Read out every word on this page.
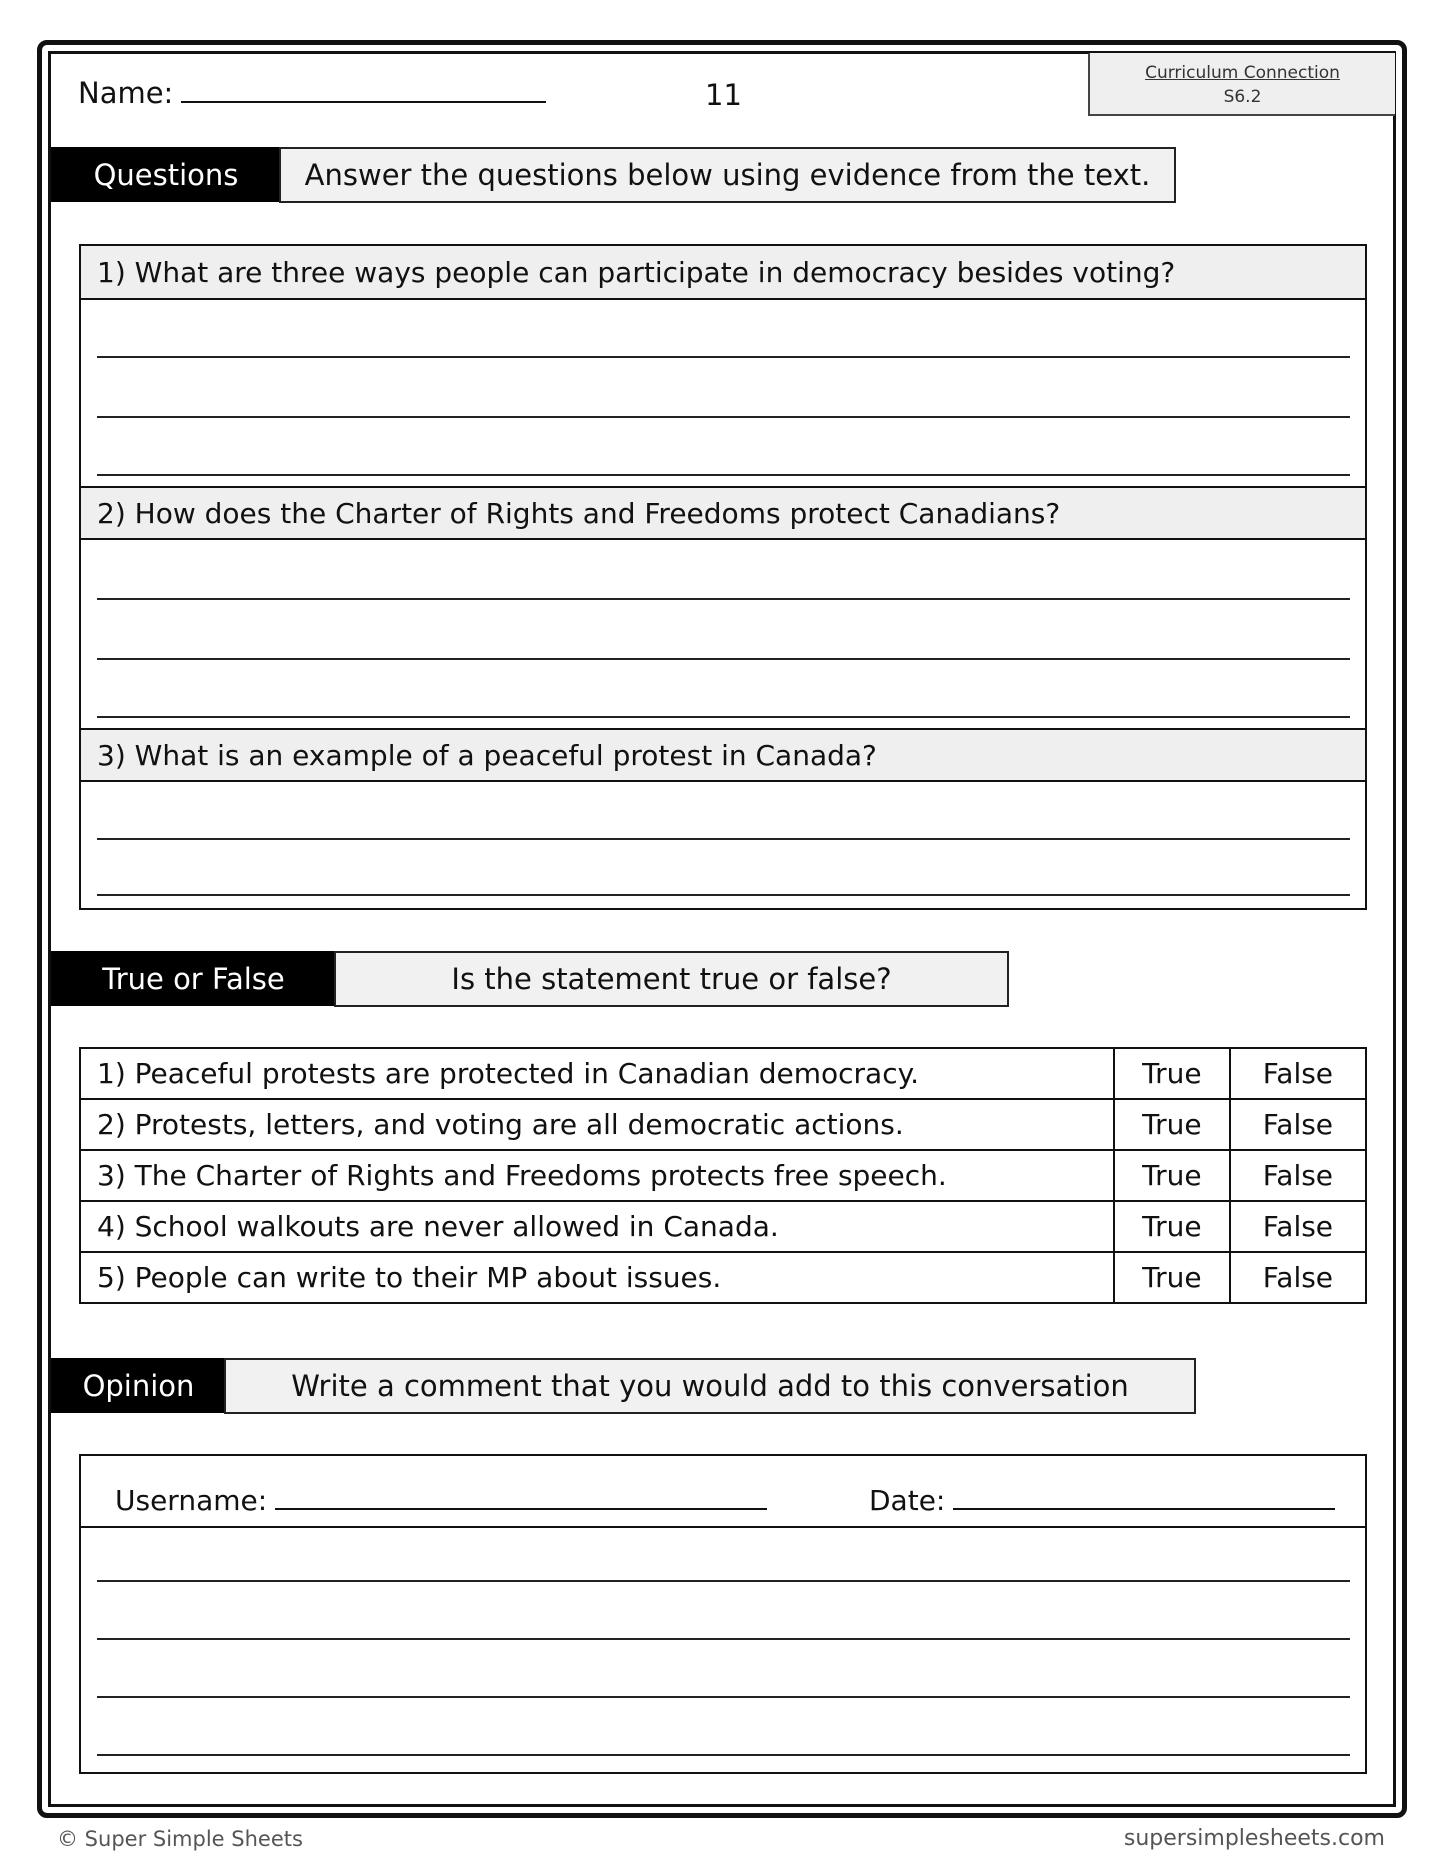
Name:	11
Curriculum Connection
S6.2
Questions	Answer the questions below using evidence from the text.
1) What are three ways people can participate in democracy besides voting?
2) How does the Charter of Rights and Freedoms protect Canadians?
3) What is an example of a peaceful protest in Canada?
True or False	Is the statement true or false?
1) Peaceful protests are protected in Canadian democracy.	True	False
2) Protests, letters, and voting are all democratic actions.	True	False
3) The Charter of Rights and Freedoms protects free speech.	True	False
4) School walkouts are never allowed in Canada.	True	False
5) People can write to their MP about issues.	True	False
Opinion	Write a comment that you would add to this conversation
Username:	Date:
© Super Simple Sheets	supersimplesheets.com
